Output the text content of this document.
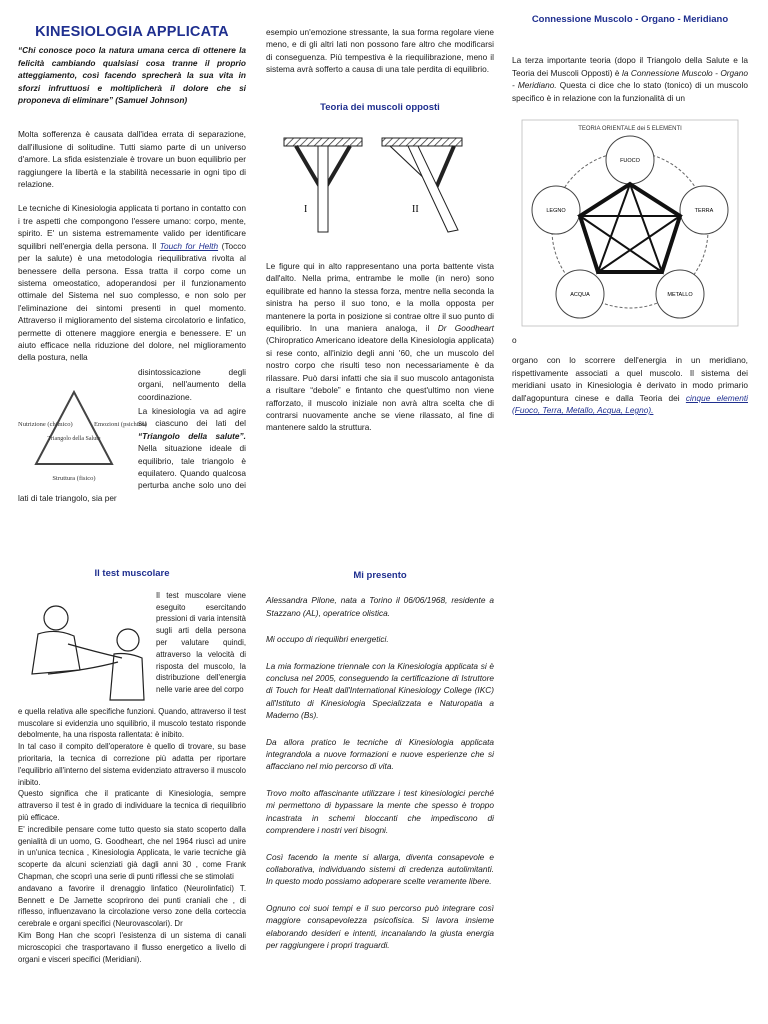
KINESIOLOGIA APPLICATA

“Chi conosce poco la natura umana cerca di ottenere la felicità cambiando qualsiasi cosa tranne il proprio atteggiamento, così facendo sprecherà la sua vita in sforzi infruttuosi e moltiplicherà il dolore che si proponeva di eliminare” (Samuel Johnson)

Molta sofferenza è causata dall'idea errata di separazione, dall'illusione di solitudine. Tutti siamo parte di un universo d'amore. La sfida esistenziale è trovare un buon equilibrio per raggiungere la libertà e la stabilità necessarie in ogni tipo di relazione.

Le tecniche di Kinesiologia applicata ti portano in contatto con i tre aspetti che compongono l'essere umano: corpo, mente, spirito. E' un sistema estremamente valido per identificare squilibri nell'energia della persona. Il Touch for Helth (Tocco per la salute) è una metodologia riequilibrativa rivolta al benessere della persona. Essa tratta il corpo come un sistema omeostatico, adoperandosi per il funzionamento ottimale del Sistema nel suo complesso, e non solo per l'eliminazione dei sintomi presenti in quel momento. Attraverso il miglioramento del sistema circolatorio e linfatico, permette di ottenere maggiore energia e benessere. E' un aiuto efficace nella riduzione del dolore, nel miglioramento della postura, nella

Nutrizione (chimico)	Emozioni (psichico)
Triangolo della Salute
Struttura (fisico)

disintossicazione degli organi, nell'aumento della coordinazione.

La kinesiologia va ad agire su ciascuno dei lati del “Triangolo della salute”. Nella situazione ideale di equilibrio, tale triangolo è equilatero. Quando qualcosa perturba anche solo uno dei lati di tale triangolo, sia per

esempio un'emozione stressante, la sua forma regolare viene meno, e di gli altri lati non possono fare altro che modificarsi di conseguenza. Più tempestiva è la riequilibrazione, meno il sistema avrà sofferto a causa di una tale perdita di equilibrio.

Teoria dei muscoli opposti
I	II

Le figure qui in alto rappresentano una porta battente vista dall'alto. Nella prima, entrambe le molle (in nero) sono equilibrate ed hanno la stessa forza, mentre nella seconda la sinistra ha perso il suo tono, e la molla opposta per mantenere la porta in posizione si contrae oltre il suo punto di equilibrio. In una maniera analoga, il Dr Goodheart (Chiropratico Americano ideatore della Kinesiologia applicata) si rese conto, all'inizio degli anni '60, che un muscolo del nostro corpo che risulti teso non necessariamente è da rilassare. Può darsi infatti che sia il suo muscolo antagonista a risultare “debole” e fintanto che quest'ultimo non viene rafforzato, il muscolo iniziale non avrà altra scelta che di contrarsi nuovamente anche se viene rilassato, al fine di mantenere saldo la struttura.

Connessione Muscolo - Organo - Meridiano

La terza importante teoria (dopo il Triangolo della Salute e la Teoria dei Muscoli Opposti) è la Connessione Muscolo - Organo - Meridiano. Questa ci dice che lo stato (tonico) di un muscolo specifico è in relazione con la funzionalità di un

TEORIA ORIENTALE dei 5 ELEMENTI
FUOCO
TERRA
METALLO
ACQUA
LEGNO

o

organo con lo scorrere dell'energia in un meridiano, rispettivamente associati a quel muscolo. Il sistema dei meridiani usato in Kinesiologia è derivato in modo primario dall'agopuntura cinese e dalla Teoria dei cinque elementi (Fuoco, Terra, Metallo, Acqua, Legno).

Il test muscolare

Il test muscolare viene eseguito esercitando pressioni di varia intensità sugli arti della persona per valutare quindi, attraverso la velocità di risposta del muscolo, la distribuzione dell'energia nelle varie aree del corpo

e quella relativa alle specifiche funzioni. Quando, attraverso il test muscolare si evidenzia uno squilibrio, il muscolo testato risponde debolmente, ha una risposta rallentata: è inibito.

In tal caso il compito dell'operatore è quello di trovare, su base prioritaria, la tecnica di correzione più adatta per riportare l'equilibrio all'interno del sistema evidenziato attraverso il muscolo inibito.

Questo significa che il praticante di Kinesiologia, sempre attraverso il test è in grado di individuare la tecnica di riequilibrio più efficace.

E' incredibile pensare come tutto questo sia stato scoperto dalla genialità di un uomo, G. Goodheart, che nel 1964 riuscì ad unire in un'unica tecnica , Kinesiologia Applicata, le varie tecniche già scoperte da alcuni scienziati già dagli anni 30 , come Frank Chapman, che scoprì una serie di punti riflessi che se stimolati

andavano a favorire il drenaggio linfatico (Neurolinfatici) T. Bennett e De Jarnette scoprirono dei punti craniali che , di riflesso, influenzavano la circolazione verso zone della corteccia cerebrale e organi specifici (Neurovascolari). Dr

Kim Bong Han che scoprì l'esistenza di un sistema di canali microscopici che trasportavano il flusso energetico a livello di organi e visceri specifici (Meridiani).

Mi presento

Alessandra Pilone, nata a Torino il 06/06/1968, residente a Stazzano (AL), operatrice olistica.

Mi occupo di riequilibri energetici.

La mia formazione triennale con la Kinesiologia applicata si è conclusa nel 2005, conseguendo la certificazione di Istruttore di Touch for Healt dall'International Kinesiology College (IKC) all'Istituto di Kinesiologia Specializzata e Naturopatia a Maderno (Bs).

Da allora pratico le tecniche di Kinesiologia applicata integrandola a nuove formazioni e nuove esperienze che si affacciano nel mio percorso di vita.

Trovo molto affascinante utilizzare i test kinesiologici perché mi permettono di bypassare la mente che spesso è troppo incastrata in schemi bloccanti che impediscono di comprendere i nostri veri bisogni.

Così facendo la mente si allarga, diventa consapevole e collaborativa, individuando sistemi di credenza autolimitanti. In questo modo possiamo adoperare scelte veramente libere.

Ognuno coi suoi tempi e il suo percorso può integrare così maggiore consapevolezza psicofisica. Si lavora insieme elaborando desideri e intenti, incanalando la giusta energia per raggiungere i propri traguardi.
